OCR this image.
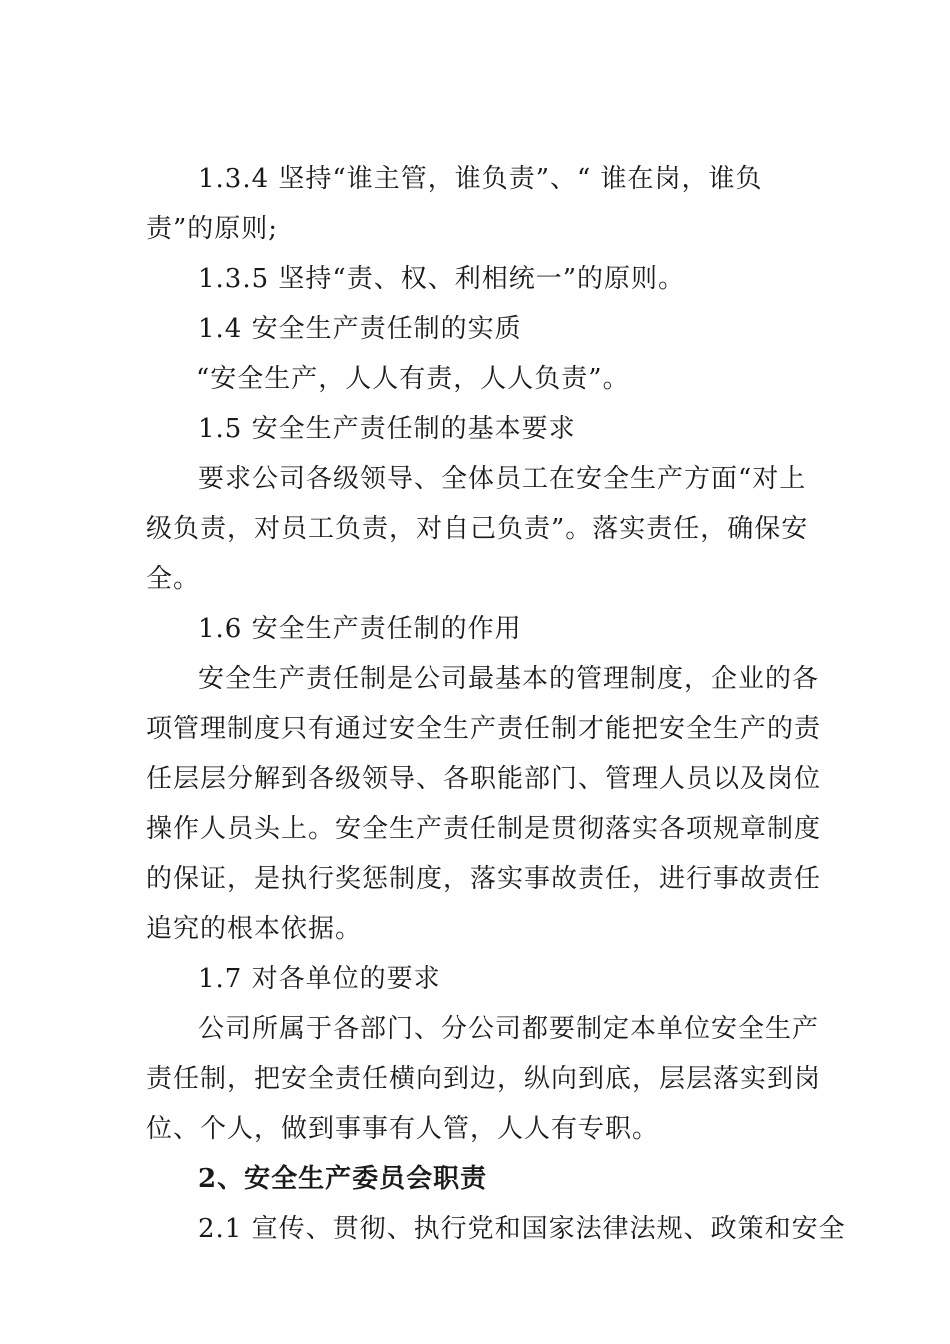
1.3.4 坚持“谁主管，谁负责”、“ 谁在岗，谁负

责”的原则;

1.3.5 坚持“责、权、利相统一”的原则。

1.4 安全生产责任制的实质

“安全生产，人人有责，人人负责”。

1.5 安全生产责任制的基本要求

要求公司各级领导、全体员工在安全生产方面“对上

级负责，对员工负责，对自己负责”。落实责任，确保安

全。

1.6 安全生产责任制的作用

安全生产责任制是公司最基本的管理制度，企业的各

项管理制度只有通过安全生产责任制才能把安全生产的责

任层层分解到各级领导、各职能部门、管理人员以及岗位

操作人员头上。安全生产责任制是贯彻落实各项规章制度

的保证，是执行奖惩制度，落实事故责任，进行事故责任

追究的根本依据。

1.7 对各单位的要求

公司所属于各部门、分公司都要制定本单位安全生产

责任制，把安全责任横向到边，纵向到底，层层落实到岗

位、个人，做到事事有人管，人人有专职。

2、安全生产委员会职责

2.1 宣传、贯彻、执行党和国家法律法规、政策和安全
